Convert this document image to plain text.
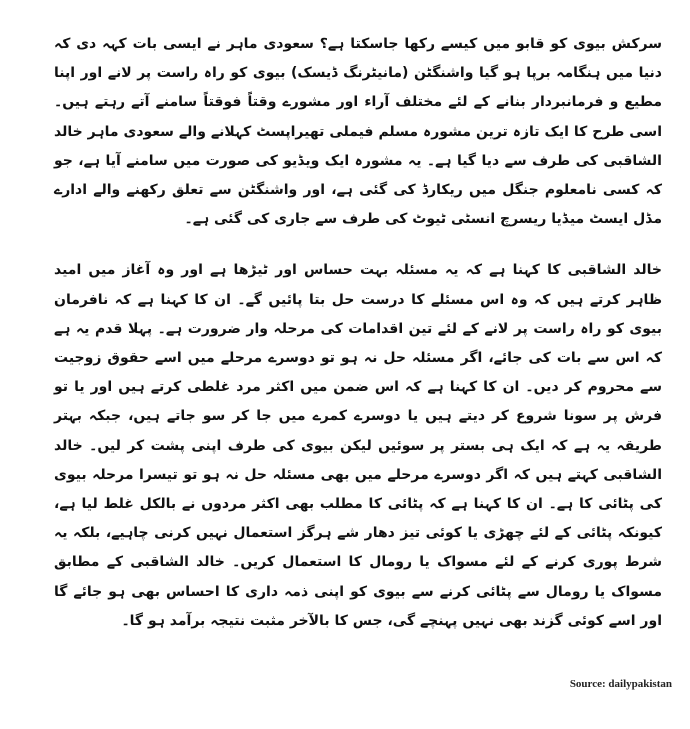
سرکش بیوی کو قابو میں کیسے رکھا جاسکتا ہے؟ سعودی ماہر نے ایسی بات کہہ دی کہ دنیا میں ہنگامہ برپا ہو گیا واشنگٹن (مانیٹرنگ ڈیسک) بیوی کو راہ راست پر لانے اور اپنا مطیع و فرمانبردار بنانے کے لئے مختلف آراء اور مشورے وقتاً فوقتاً سامنے آتے رہتے ہیں۔ اسی طرح کا ایک تازہ ترین مشورہ مسلم فیملی تھیراپسٹ کہلانے والے سعودی ماہر خالد الشاقبی کی طرف سے دیا گیا ہے۔ یہ مشورہ ایک ویڈیو کی صورت میں سامنے آیا ہے، جو کہ کسی نامعلوم جنگل میں ریکارڈ کی گئی ہے، اور واشنگٹن سے تعلق رکھنے والے ادارے مڈل ایسٹ میڈیا ریسرچ انسٹی ٹیوٹ کی طرف سے جاری کی گئی ہے۔

خالد الشاقبی کا کہنا ہے کہ یہ مسئلہ بہت حساس اور ٹیڑھا ہے اور وہ آغاز میں امید ظاہر کرتے ہیں کہ وہ اس مسئلے کا درست حل بتا پائیں گے۔ ان کا کہنا ہے کہ نافرمان بیوی کو راہ راست پر لانے کے لئے تین اقدامات کی مرحلہ وار ضرورت ہے۔ پہلا قدم یہ ہے کہ اس سے بات کی جائے، اگر مسئلہ حل نہ ہو تو دوسرے مرحلے میں اسے حقوق زوجیت سے محروم کر دیں۔ ان کا کہنا ہے کہ اس ضمن میں اکثر مرد غلطی کرتے ہیں اور یا تو فرش پر سونا شروع کر دیتے ہیں یا دوسرے کمرے میں جا کر سو جاتے ہیں، جبکہ بہتر طریقہ یہ ہے کہ ایک ہی بستر پر سوئیں لیکن بیوی کی طرف اپنی پشت کر لیں۔ خالد الشاقبی کہتے ہیں کہ اگر دوسرے مرحلے میں بھی مسئلہ حل نہ ہو تو تیسرا مرحلہ بیوی کی پٹائی کا ہے۔ ان کا کہنا ہے کہ پٹائی کا مطلب بھی اکثر مردوں نے بالکل غلط لیا ہے، کیونکہ پٹائی کے لئے چھڑی یا کوئی تیز دھار شے ہرگز استعمال نہیں کرنی چاہیے، بلکہ یہ شرط پوری کرنے کے لئے مسواک یا رومال کا استعمال کریں۔ خالد الشاقبی کے مطابق مسواک یا رومال سے پٹائی کرنے سے بیوی کو اپنی ذمہ داری کا احساس بھی ہو جائے گا اور اسے کوئی گزند بھی نہیں پہنچے گی، جس کا بالآخر مثبت نتیجہ برآمد ہو گا۔

Source: dailypakistan
